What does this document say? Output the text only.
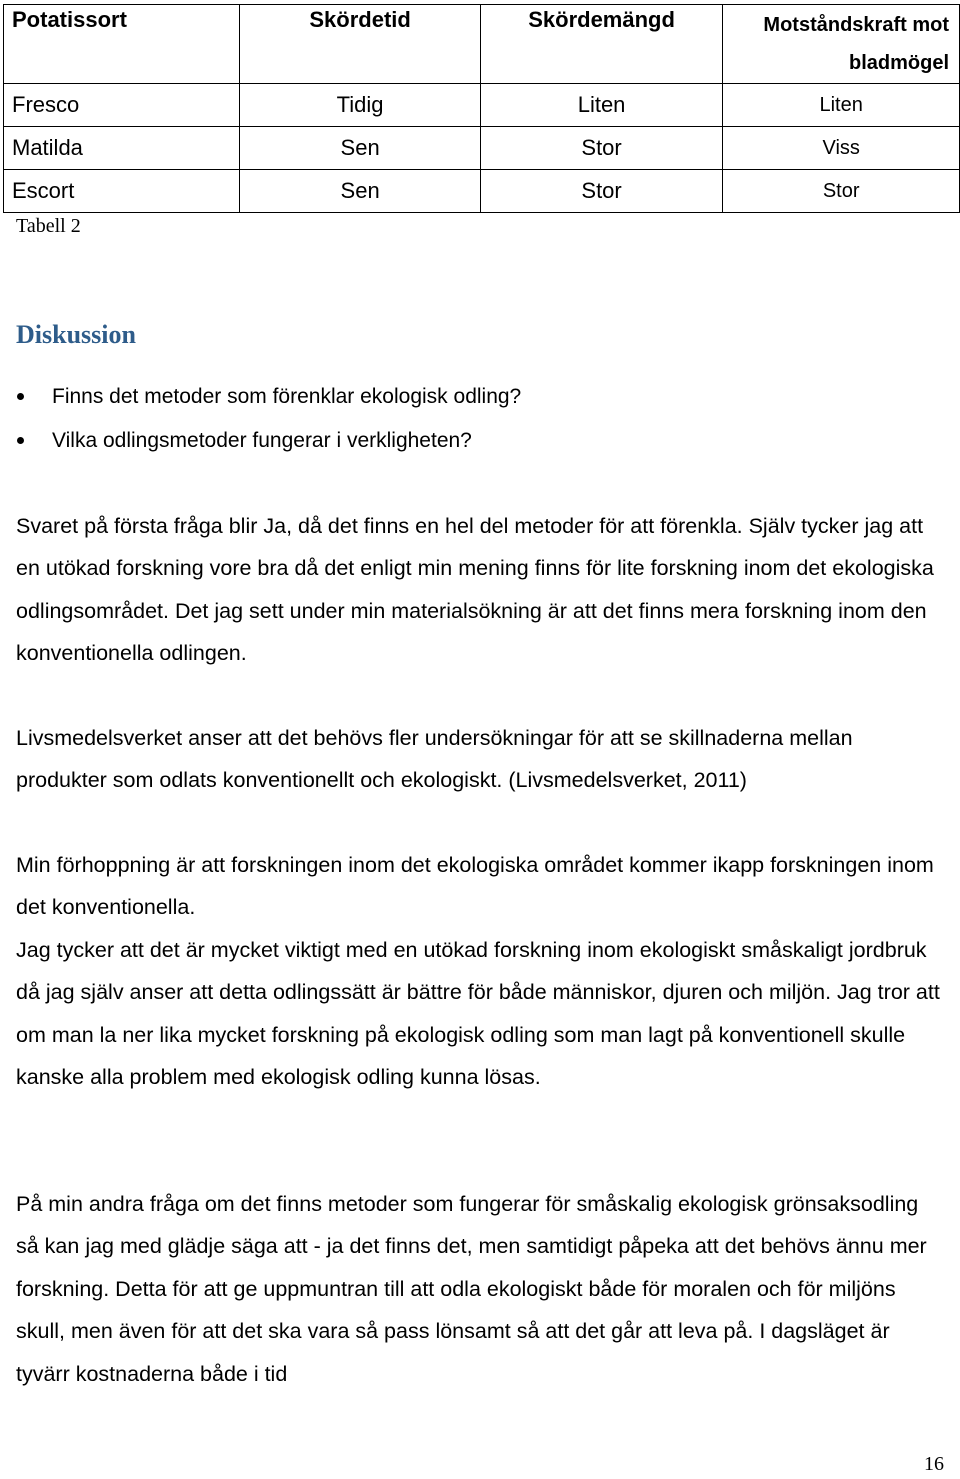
Potatissort	Skördetid	Skördemängd	Motståndskraft mot bladmögel
Fresco	Tidig	Liten	Liten
Matilda	Sen	Stor	Viss
Escort	Sen	Stor	Stor
Tabell 2
Diskussion
Finns det metoder som förenklar ekologisk odling?
Vilka odlingsmetoder fungerar i verkligheten?

Svaret på första fråga blir Ja, då det finns en hel del metoder för att förenkla. Själv tycker jag att en utökad forskning vore bra då det enligt min mening finns för lite forskning inom det ekologiska odlingsområdet. Det jag sett under min materialsökning är att det finns mera forskning inom den konventionella odlingen.

Livsmedelsverket anser att det behövs fler undersökningar för att se skillnaderna mellan produkter som odlats konventionellt och ekologiskt. (Livsmedelsverket, 2011)

Min förhoppning är att forskningen inom det ekologiska området kommer ikapp forskningen inom det konventionella.

Jag tycker att det är mycket viktigt med en utökad forskning inom ekologiskt småskaligt jordbruk då jag själv anser att detta odlingssätt är bättre för både människor, djuren och miljön. Jag tror att om man la ner lika mycket forskning på ekologisk odling som man lagt på konventionell skulle kanske alla problem med ekologisk odling kunna lösas.

På min andra fråga om det finns metoder som fungerar för småskalig ekologisk grönsaksodling så kan jag med glädje säga att - ja det finns det, men samtidigt påpeka att det behövs ännu mer forskning. Detta för att ge uppmuntran till att odla ekologiskt både för moralen och för miljöns skull, men även för att det ska vara så pass lönsamt så att det går att leva på. I dagsläget är tyvärr kostnaderna både i tid

16
